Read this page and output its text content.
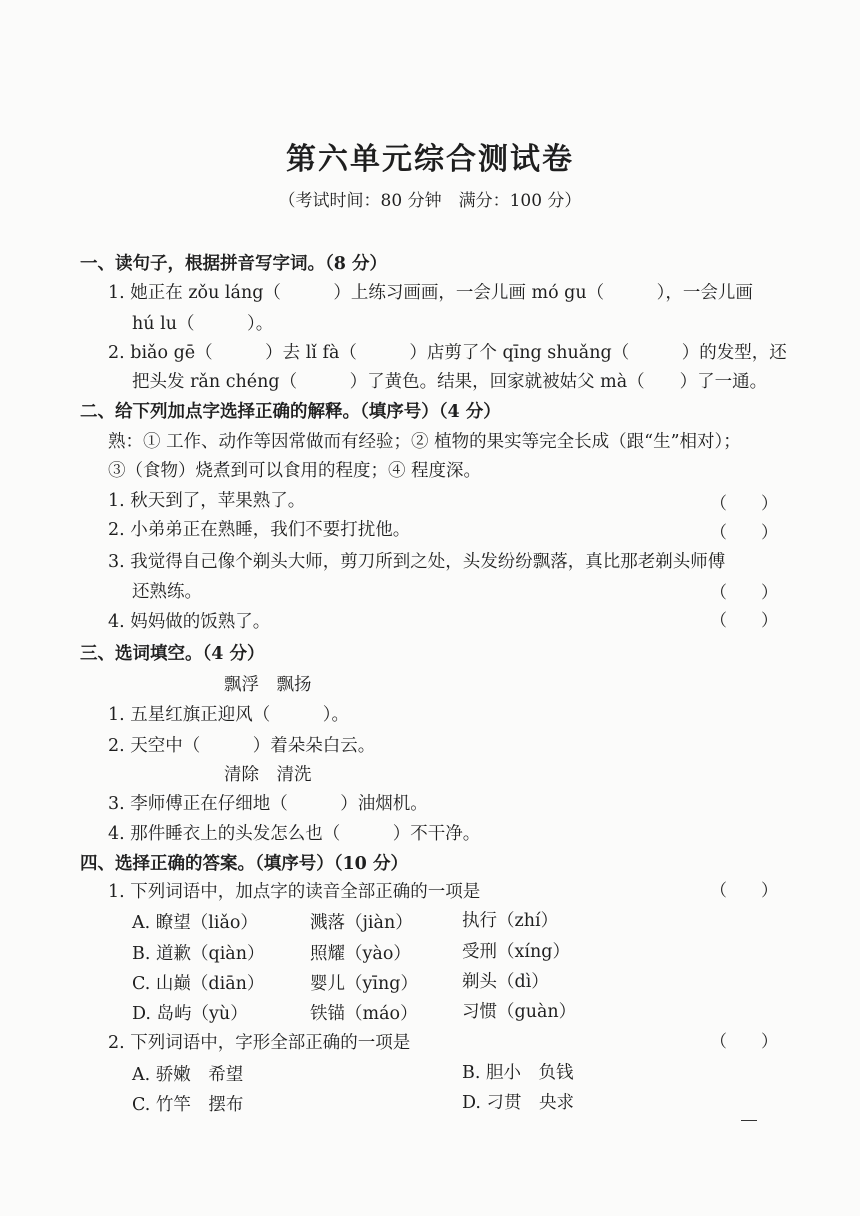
第六单元综合测试卷
（考试时间：80 分钟　满分：100 分）
一、读句子，根据拼音写字词。（8 分）
1. 她正在 zǒu láng（　　　）上练习画画，一会儿画 mó gu（　　　），一会儿画
hú lu（　　　）。
2. biǎo gē（　　　）去 lǐ fà（　　　）店剪了个 qīng shuǎng（　　　）的发型，还
把头发 rǎn chéng（　　　）了黄色。结果，回家就被姑父 mà（　　）了一通。
二、给下列加点字选择正确的解释。（填序号）（4 分）
熟：① 工作、动作等因常做而有经验；② 植物的果实等完全长成（跟“生”相对）；
③（食物）烧煮到可以食用的程度；④ 程度深。
1. 秋天到了，苹果熟了。	（　　）
2. 小弟弟正在熟睡，我们不要打扰他。	（　　）
3. 我觉得自己像个剃头大师，剪刀所到之处，头发纷纷飘落，真比那老剃头师傅
还熟练。	（　　）
4. 妈妈做的饭熟了。	（　　）
三、选词填空。（4 分）
飘浮　飘扬
1. 五星红旗正迎风（　　　）。
2. 天空中（　　　）着朵朵白云。
清除　清洗
3. 李师傅正在仔细地（　　　）油烟机。
4. 那件睡衣上的头发怎么也（　　　）不干净。
四、选择正确的答案。（填序号）（10 分）
1. 下列词语中，加点字的读音全部正确的一项是	（　　）
A. 瞭望（liǎo）	溅落（jiàn）	执行（zhí）
B. 道歉（qiàn）	照耀（yào）	受刑（xíng）
C. 山巅（diān）	婴儿（yīng）	剃头（dì）
D. 岛屿（yù）	铁锚（máo）	习惯（guàn）
2. 下列词语中，字形全部正确的一项是	（　　）
A. 骄嫩　希望	B. 胆小　负钱
C. 竹竿　摆布	D. 刁贯　央求
